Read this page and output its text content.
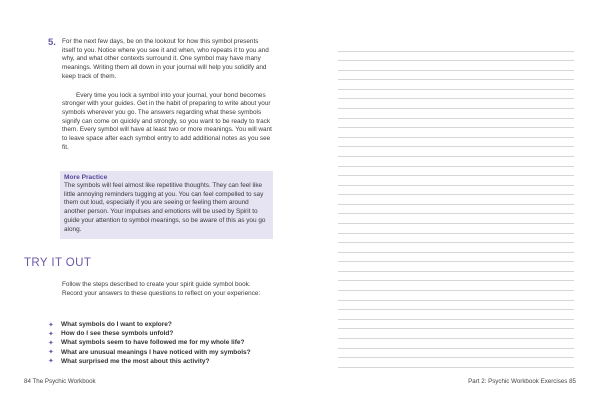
5. For the next few days, be on the lookout for how this symbol presents itself to you. Notice where you see it and when, who repeats it to you and why, and what other contexts surround it. One symbol may have many meanings. Writing them all down in your journal will help you solidify and keep track of them.

Every time you lock a symbol into your journal, your bond becomes stronger with your guides. Get in the habit of preparing to write about your symbols wherever you go. The answers regarding what these symbols signify can come on quickly and strongly, so you want to be ready to track them. Every symbol will have at least two or more meanings. You will want to leave space after each symbol entry to add additional notes as you see fit.

More Practice

The symbols will feel almost like repetitive thoughts. They can feel like little annoying reminders tugging at you. You can feel compelled to say them out loud, especially if you are seeing or feeling them around another person. Your impulses and emotions will be used by Spirit to guide your attention to symbol meanings, so be aware of this as you go along.

TRY IT OUT

Follow the steps described to create your spirit guide symbol book. Record your answers to these questions to reflect on your experience:

✦	What symbols do I want to explore?
✦	How do I see these symbols unfold?
✦	What symbols seem to have followed me for my whole life?
✦	What are unusual meanings I have noticed with my symbols?
✦	What surprised me the most about this activity?
84 The Psychic Workbook	Part 2: Psychic Workbook Exercises 85
